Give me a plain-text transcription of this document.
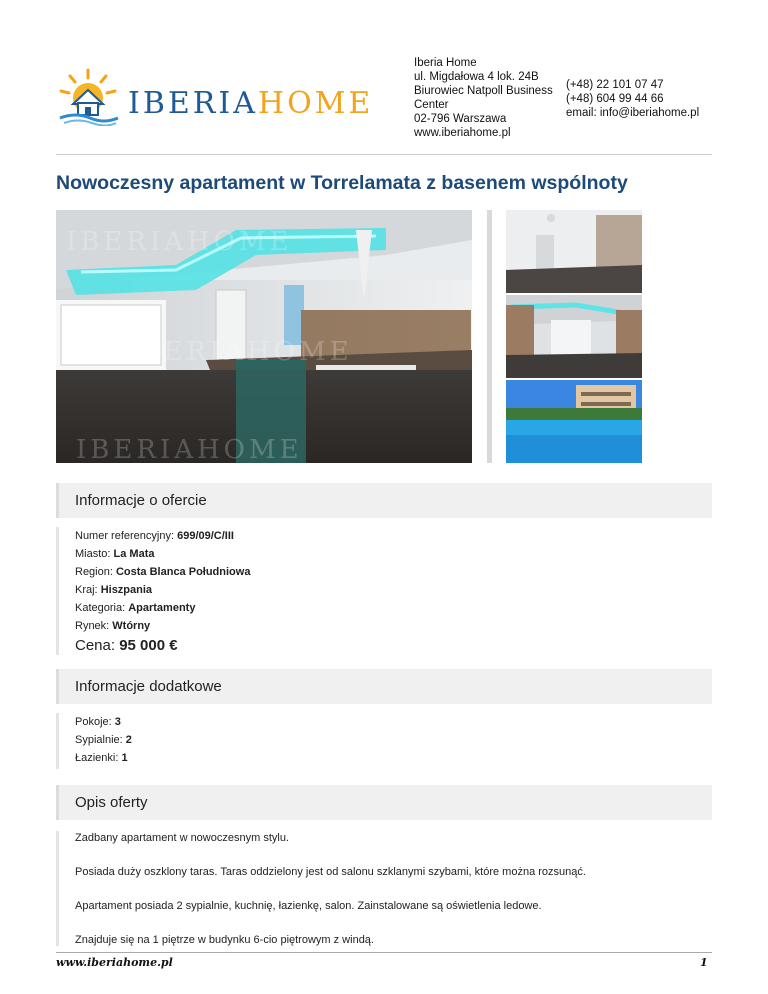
IBERIAHOME
Iberia Home
ul. Migdałowa 4 lok. 24B
Biurowiec Natpoll Business
Center
02-796 Warszawa
www.iberiahome.pl
(+48) 22 101 07 47
(+48) 604 99 44 66
email: info@iberiahome.pl
Nowoczesny apartament w Torrelamata z basenem wspólnoty
IBERIAHOME
IBERIAHOME
IBERIAHOME
Informacje o ofercie
Numer referencyjny: 699/09/C/III
Miasto: La Mata
Region: Costa Blanca Południowa
Kraj: Hiszpania
Kategoria: Apartamenty
Rynek: Wtórny
Cena: 95 000 €
Informacje dodatkowe
Pokoje: 3
Sypialnie: 2
Łazienki: 1
Opis oferty

Zadbany apartament w nowoczesnym stylu.

Posiada duży oszklony taras. Taras oddzielony jest od salonu szklanymi szybami, które można rozsunąć.

Apartament posiada 2 sypialnie, kuchnię, łazienkę, salon. Zainstalowane są oświetlenia ledowe.

Znajduje się na 1 piętrze w budynku 6-cio piętrowym z windą.

www.iberiahome.pl	1
